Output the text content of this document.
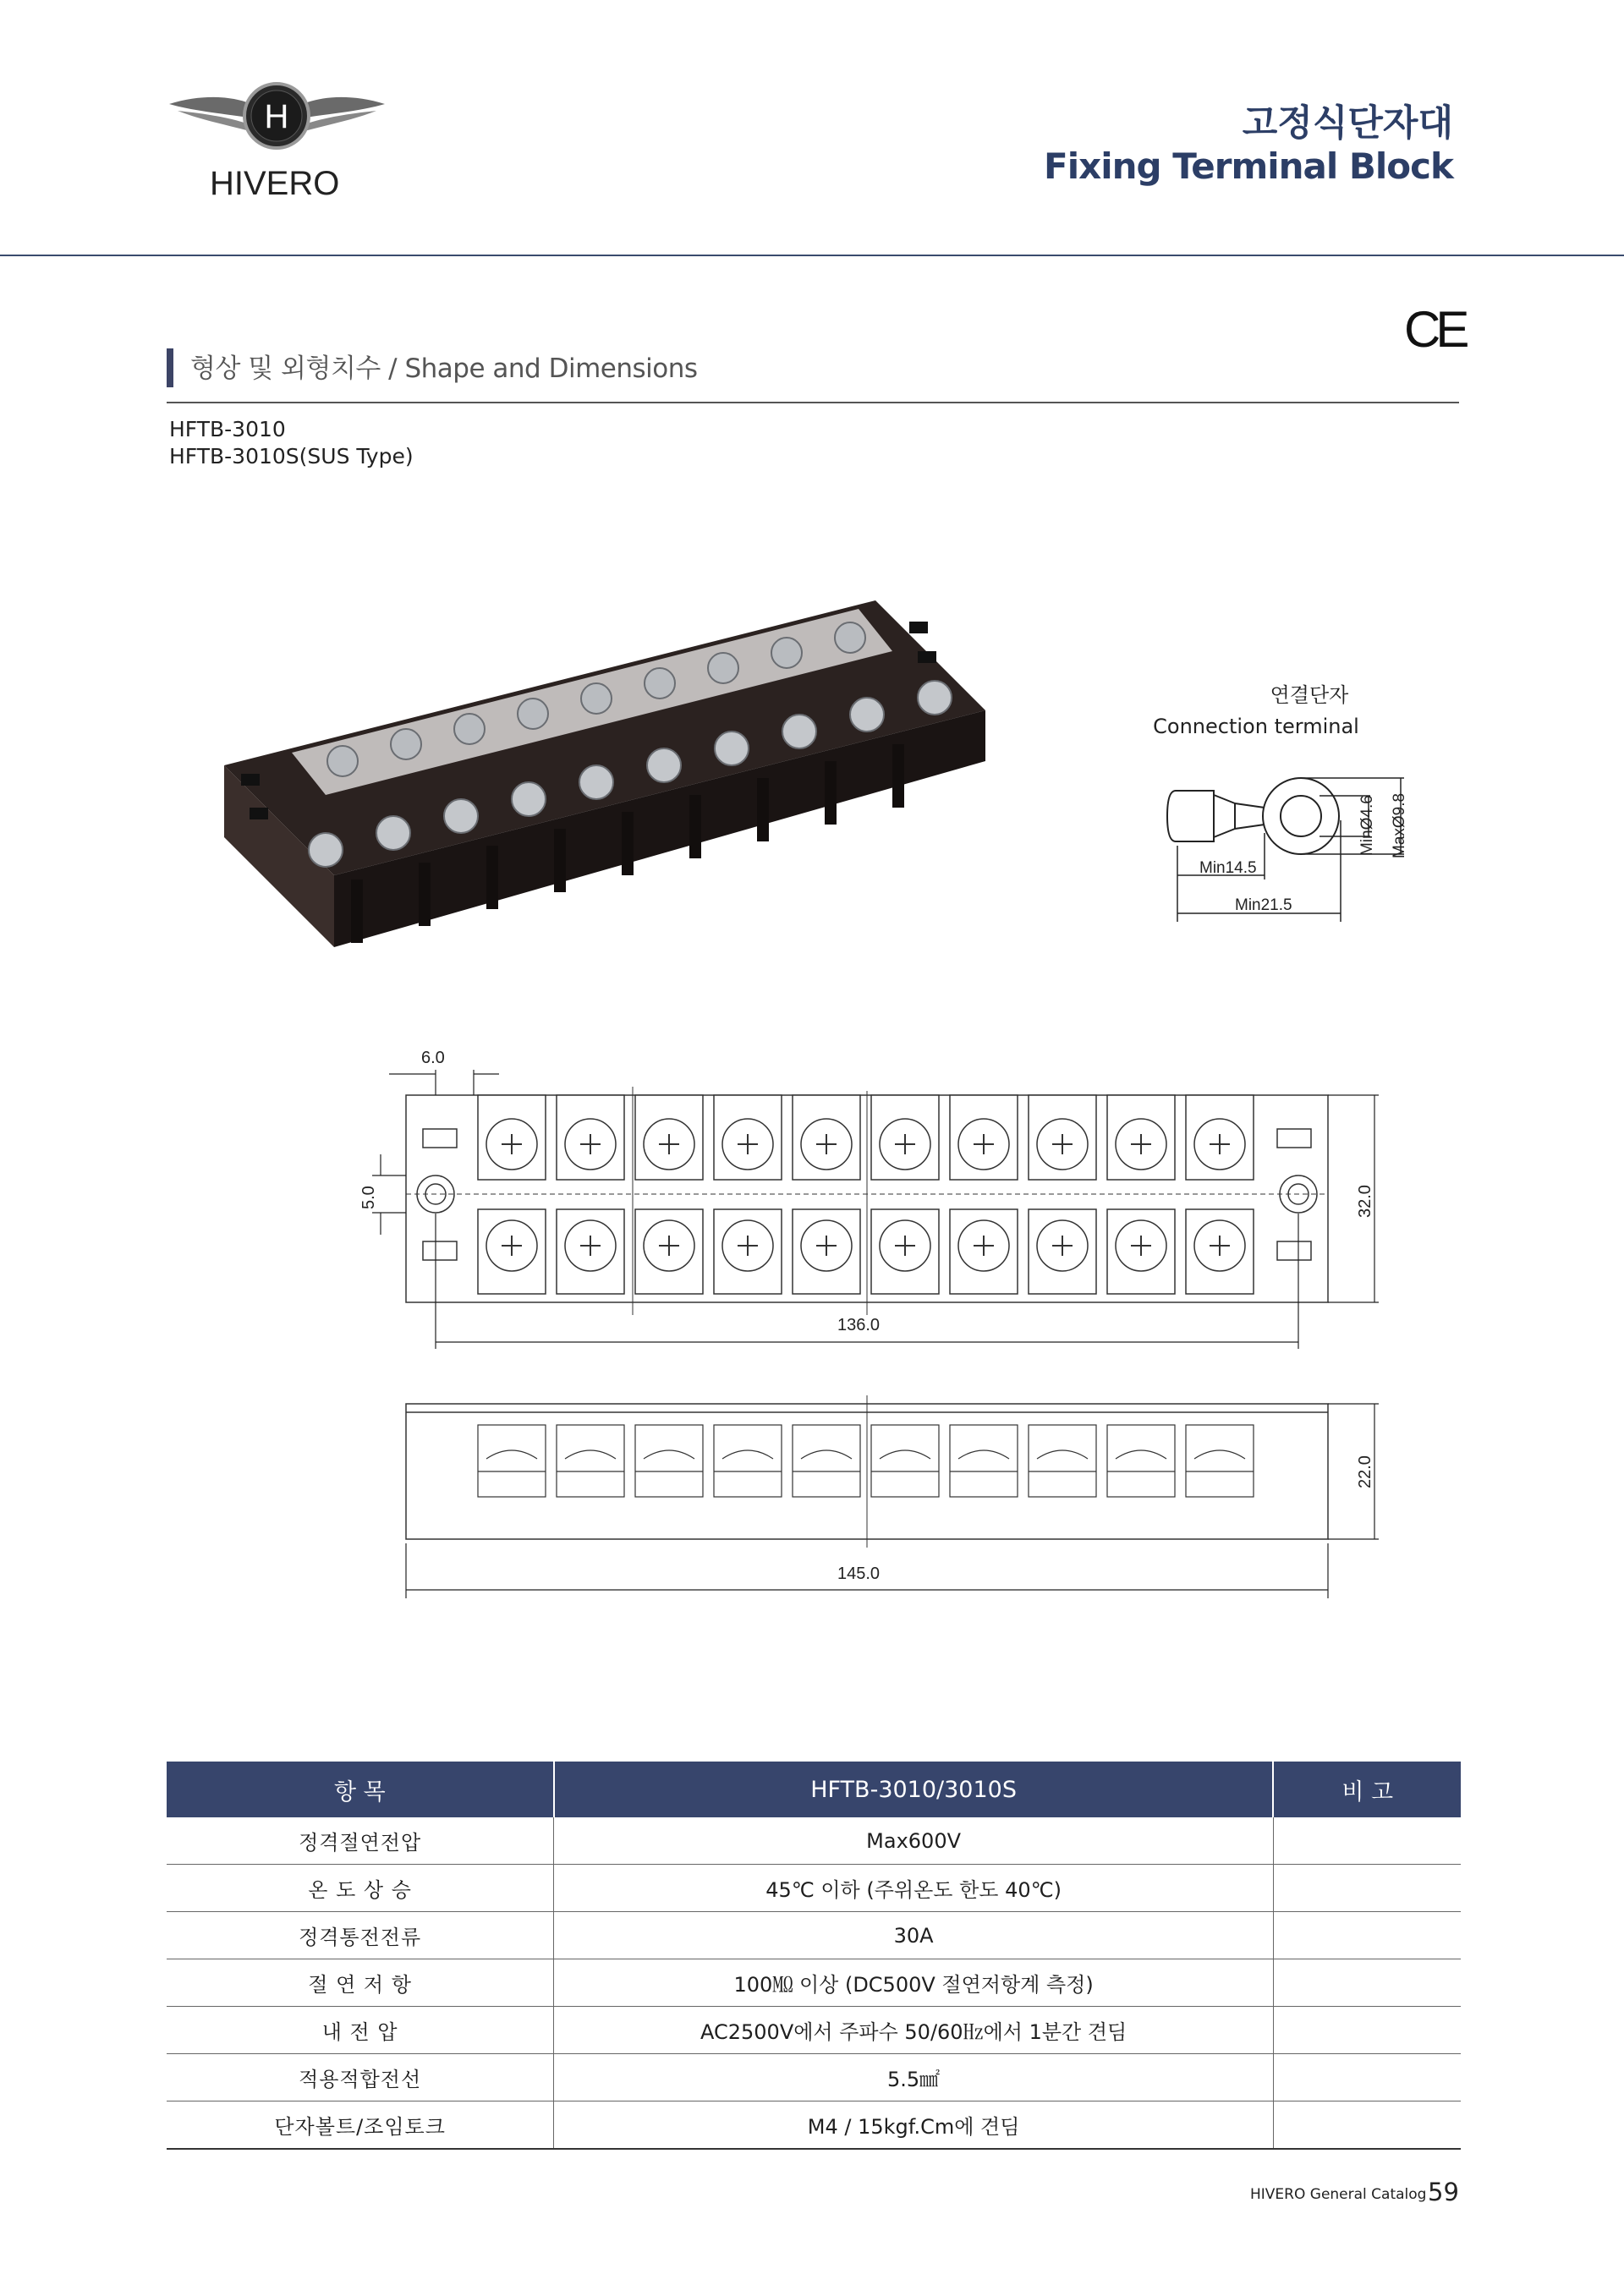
H
HIVERO
고정식단자대
Fixing Terminal Block
형상 및 외형치수 / Shape and Dimensions
CE
HFTB-3010
HFTB-3010S(SUS Type)
연결단자
Connection terminal
Min14.5
Min21.5
MinØ4.6 MaxØ9.8
6.0
5.0	32.0
136.0
22.0
145.0
항 목	HFTB-3010/3010S	비 고
정격절연전압	Max600V	
온 도 상 승	45℃ 이하 (주위온도 한도 40℃)	
정격통전전류	30A	
절 연 저 항	100㏁ 이상 (DC500V 절연저항계 측정)	
내 전 압	AC2500V에서 주파수 50/60㎐에서 1분간 견딤	
적용적합전선	5.5㎟	
단자볼트/조임토크	M4 / 15kgf.Cm에 견딤	
HIVERO General Catalog 59
